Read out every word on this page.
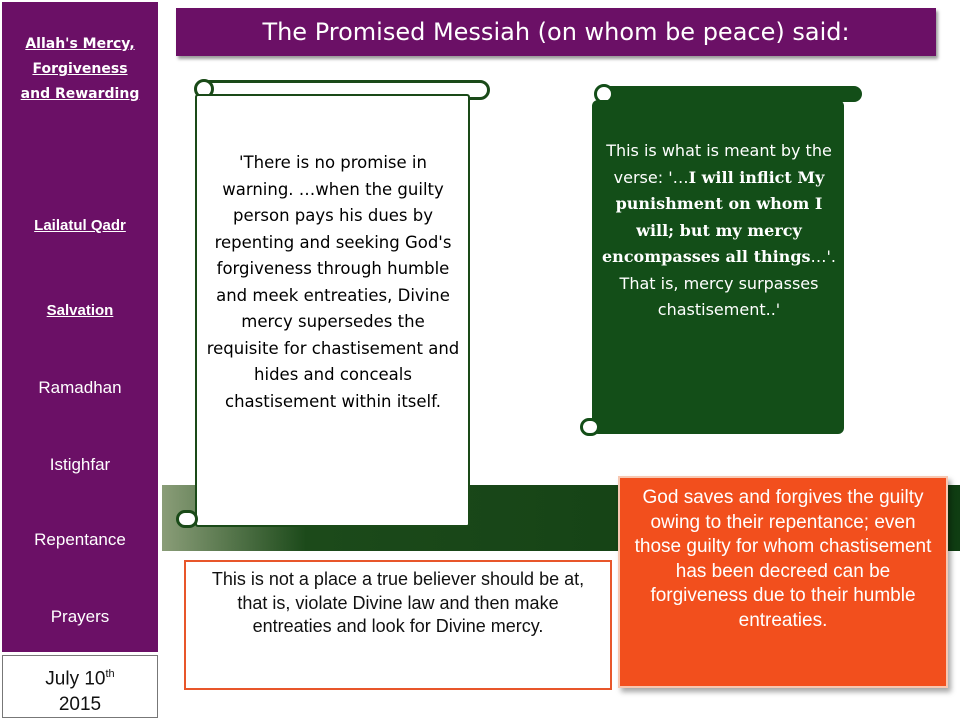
Allah's Mercy, Forgiveness and Rewarding
Lailatul Qadr
Salvation
Ramadhan
Istighfar
Repentance
Prayers
July 10th
2015
The Promised Messiah (on whom be peace) said:
'There is no promise in warning. …when the guilty person pays his dues by repenting and seeking God's forgiveness through humble and meek entreaties, Divine mercy supersedes the requisite for chastisement and hides and conceals chastisement within itself.
This is what is meant by the verse: '…I will inflict My punishment on whom I will; but my mercy encompasses all things…'. That is, mercy surpasses chastisement..'
This is not a place a true believer should be at, that is, violate Divine law and then make entreaties and look for Divine mercy.
God saves and forgives the guilty owing to their repentance; even those guilty for whom chastisement has been decreed can be forgiveness due to their humble entreaties.
